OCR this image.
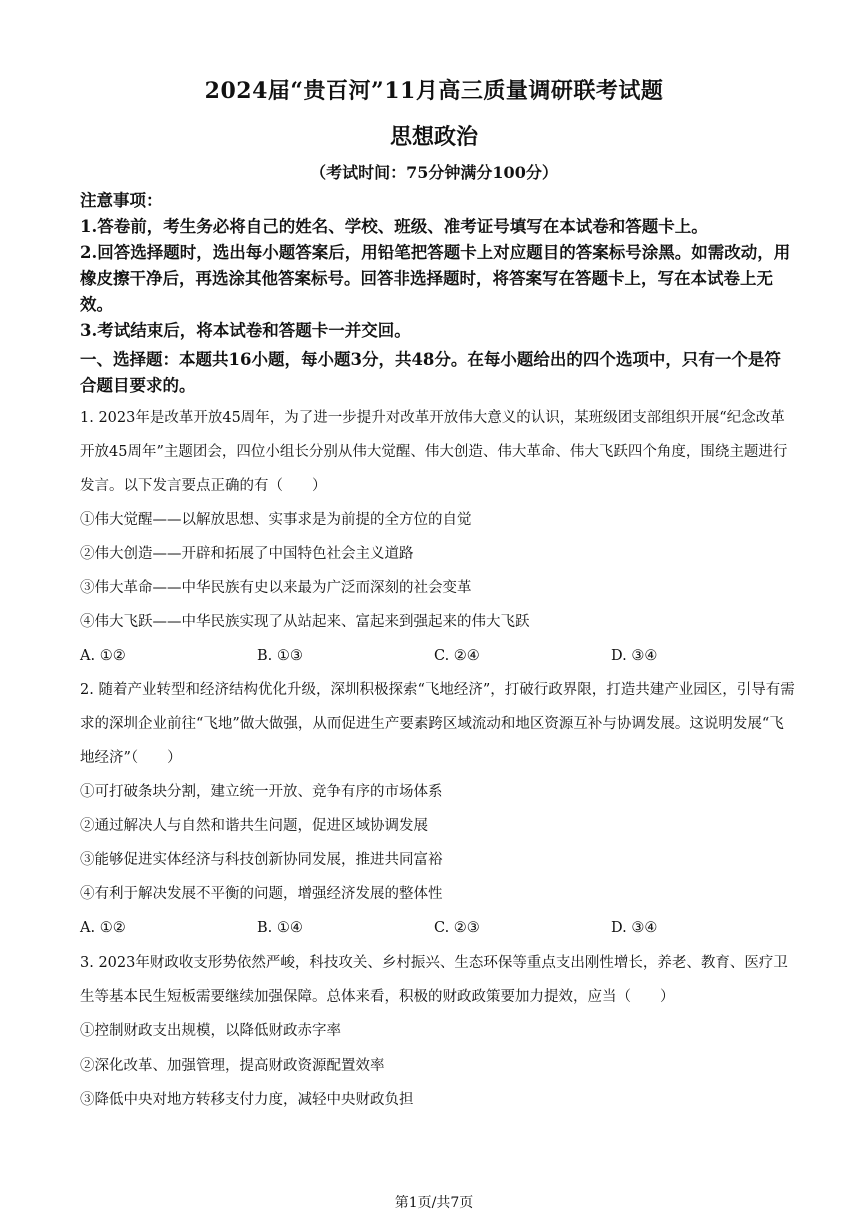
2024届“贵百河”11月高三质量调研联考试题
思想政治
（考试时间：75分钟满分100分）

注意事项：

1.答卷前，考生务必将自己的姓名、学校、班级、准考证号填写在本试卷和答题卡上。

2.回答选择题时，选出每小题答案后，用铅笔把答题卡上对应题目的答案标号涂黑。如需改动，用橡皮擦干净后，再选涂其他答案标号。回答非选择题时，将答案写在答题卡上，写在本试卷上无效。

3.考试结束后，将本试卷和答题卡一并交回。

一、选择题：本题共16小题，每小题3分，共48分。在每小题给出的四个选项中，只有一个是符合题目要求的。
1. 2023年是改革开放45周年，为了进一步提升对改革开放伟大意义的认识，某班级团支部组织开展“纪念改革开放45周年”主题团会，四位小组长分别从伟大觉醒、伟大创造、伟大革命、伟大飞跃四个角度，围绕主题进行发言。以下发言要点正确的有（　　）
①伟大觉醒——以解放思想、实事求是为前提的全方位的自觉
②伟大创造——开辟和拓展了中国特色社会主义道路
③伟大革命——中华民族有史以来最为广泛而深刻的社会变革
④伟大飞跃——中华民族实现了从站起来、富起来到强起来的伟大飞跃
A. ①②	B. ①③	C. ②④	D. ③④
2. 随着产业转型和经济结构优化升级，深圳积极探索“飞地经济”，打破行政界限，打造共建产业园区，引导有需求的深圳企业前往“飞地”做大做强，从而促进生产要素跨区域流动和地区资源互补与协调发展。这说明发展“飞地经济”（　　）
①可打破条块分割，建立统一开放、竞争有序的市场体系
②通过解决人与自然和谐共生问题，促进区域协调发展
③能够促进实体经济与科技创新协同发展，推进共同富裕
④有利于解决发展不平衡的问题，增强经济发展的整体性
A. ①②	B. ①④	C. ②③	D. ③④
3. 2023年财政收支形势依然严峻，科技攻关、乡村振兴、生态环保等重点支出刚性增长，养老、教育、医疗卫生等基本民生短板需要继续加强保障。总体来看，积极的财政政策要加力提效，应当（　　）
①控制财政支出规模，以降低财政赤字率
②深化改革、加强管理，提高财政资源配置效率
③降低中央对地方转移支付力度，减轻中央财政负担
第1页/共7页
